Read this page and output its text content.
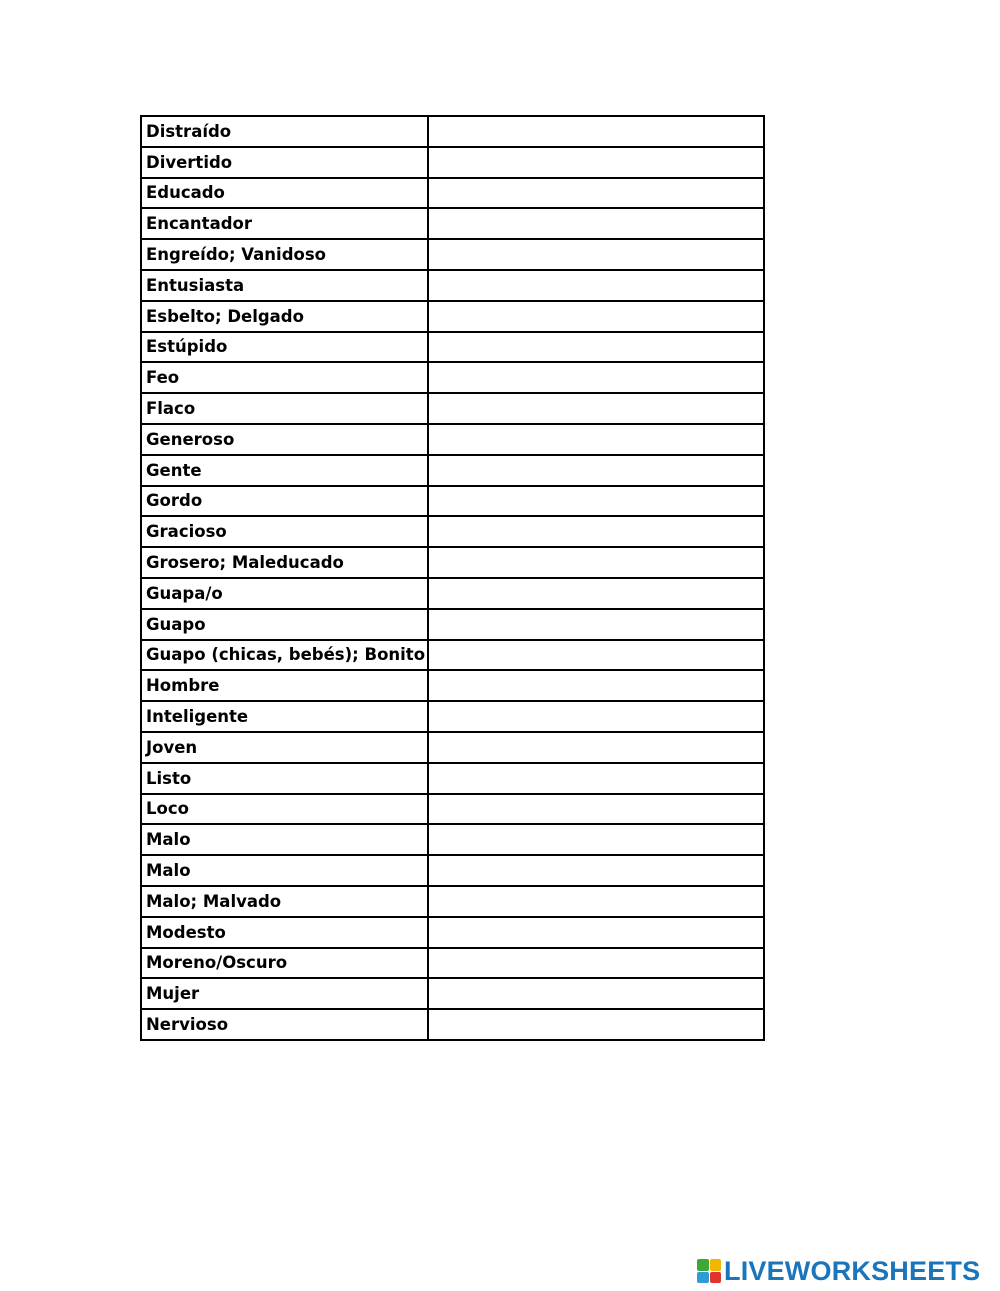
Distraído	
Divertido	
Educado	
Encantador	
Engreído; Vanidoso	
Entusiasta	
Esbelto; Delgado	
Estúpido	
Feo	
Flaco	
Generoso	
Gente	
Gordo	
Gracioso	
Grosero; Maleducado	
Guapa/o	
Guapo	
Guapo (chicas, bebés); Bonito	
Hombre	
Inteligente	
Joven	
Listo	
Loco	
Malo	
Malo	
Malo; Malvado	
Modesto	
Moreno/Oscuro	
Mujer	
Nervioso	
LIVEWORKSHEETS
